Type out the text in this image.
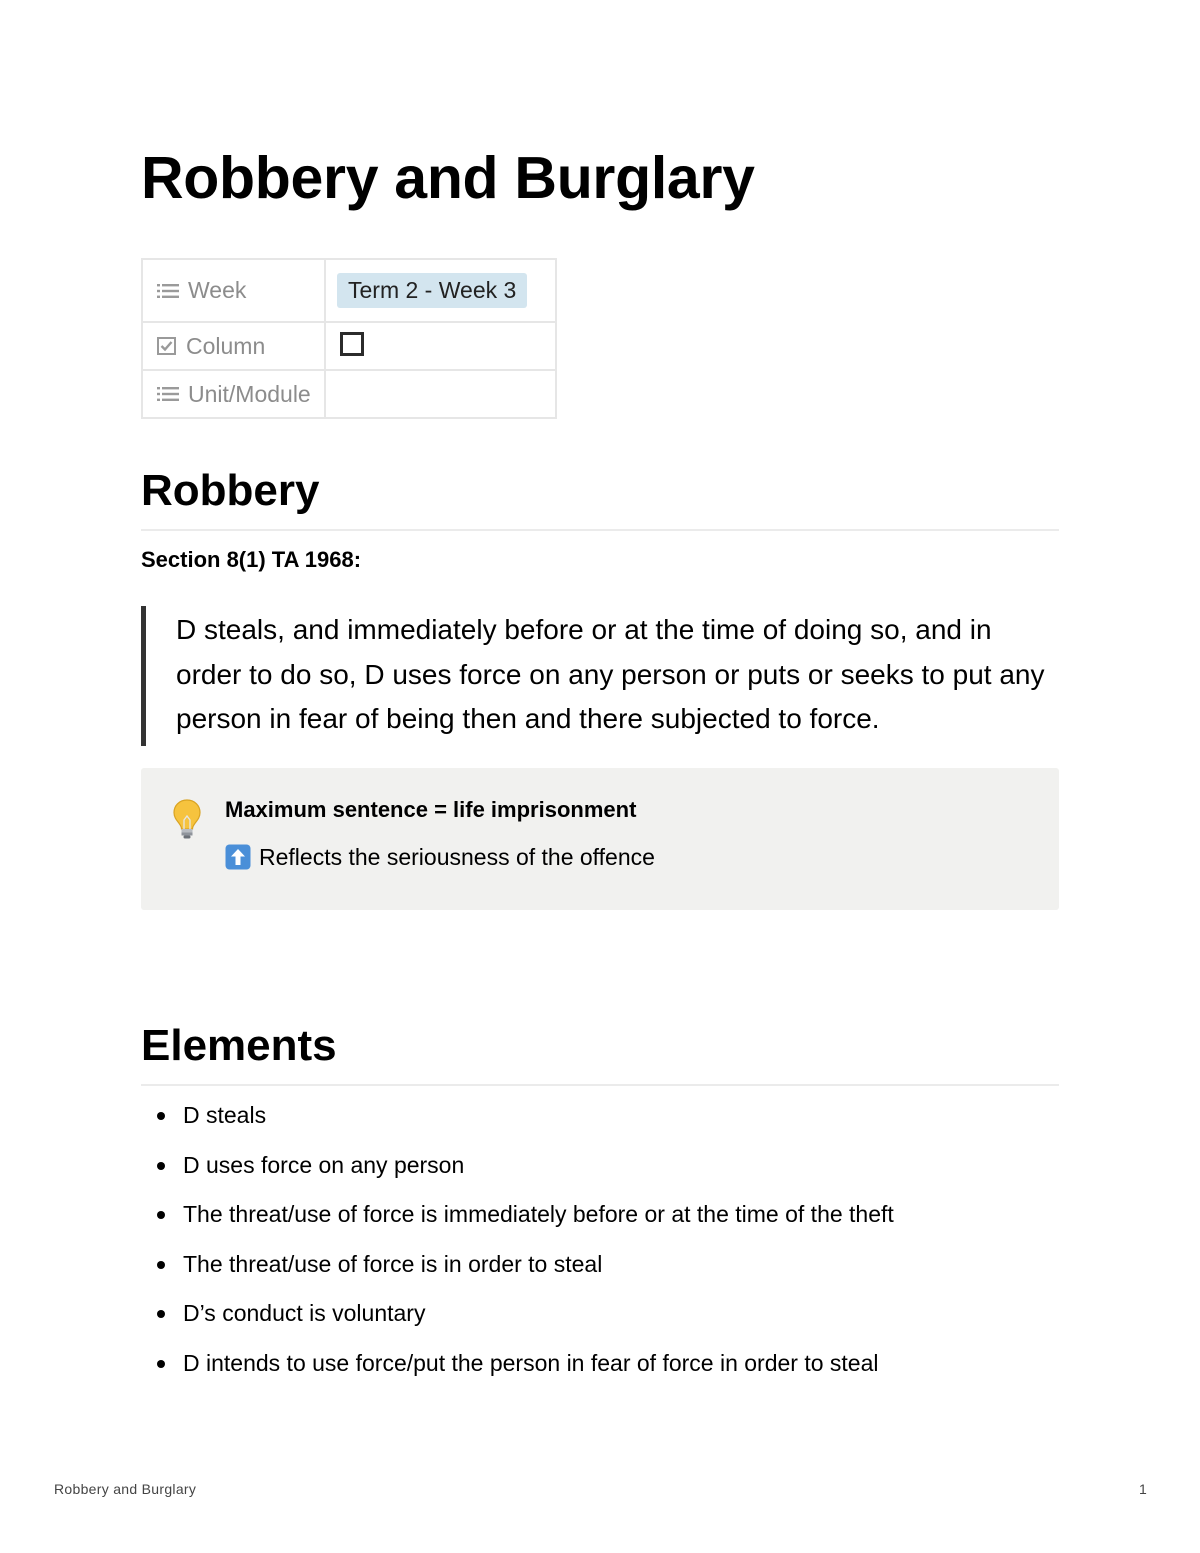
Robbery and Burglary
Week	Term 2 - Week 3

Column	

Unit/Module	

Robbery

Section 8(1) TA 1968:

D steals, and immediately before or at the time of doing so, and in order to do so, D uses force on any person or puts or seeks to put any person in fear of being then and there subjected to force.

Maximum sentence = life imprisonment

Reflects the seriousness of the offence

Elements
D steals
D uses force on any person
The threat/use of force is immediately before or at the time of the theft
The threat/use of force is in order to steal
D’s conduct is voluntary
D intends to use force/put the person in fear of force in order to steal
Robbery and Burglary	1
